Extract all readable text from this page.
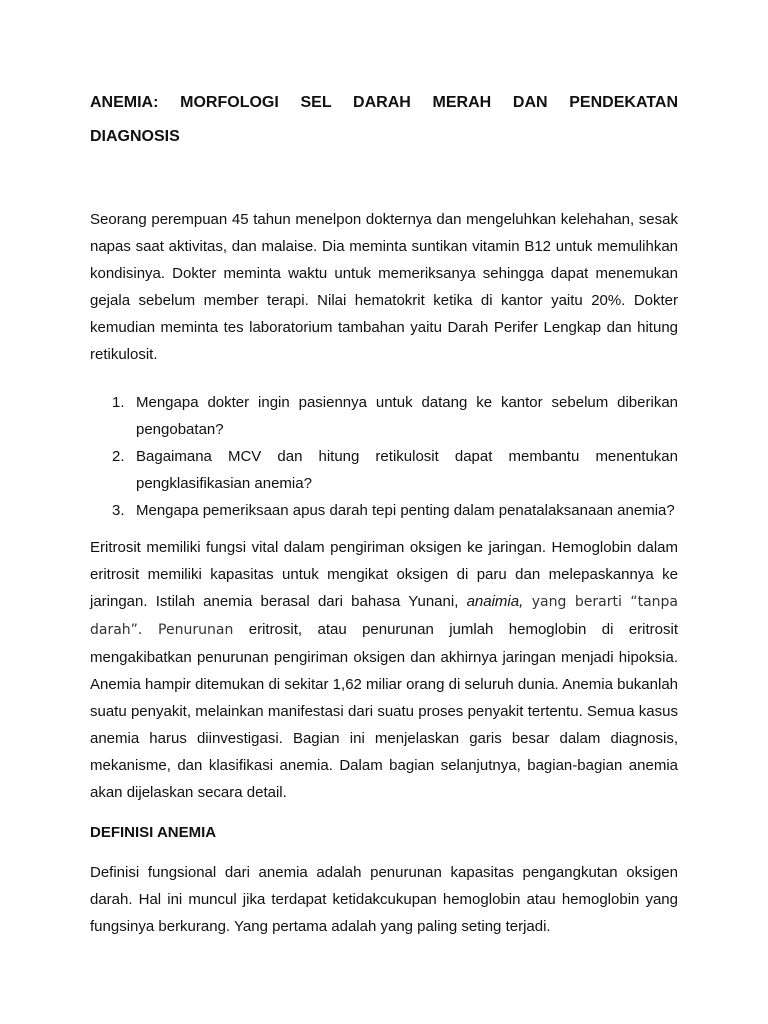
ANEMIA: MORFOLOGI SEL DARAH MERAH DAN PENDEKATAN DIAGNOSIS

Seorang perempuan 45 tahun menelpon dokternya dan mengeluhkan kelehahan, sesak napas saat aktivitas, dan malaise. Dia meminta suntikan vitamin B12 untuk memulihkan kondisinya. Dokter meminta waktu untuk memeriksanya sehingga dapat menemukan gejala sebelum member terapi. Nilai hematokrit ketika di kantor yaitu 20%. Dokter kemudian meminta tes laboratorium tambahan yaitu Darah Perifer Lengkap dan hitung retikulosit.

1. Mengapa dokter ingin pasiennya untuk datang ke kantor sebelum diberikan pengobatan?
2. Bagaimana MCV dan hitung retikulosit dapat membantu menentukan pengklasifikasian anemia?
3. Mengapa pemeriksaan apus darah tepi penting dalam penatalaksanaan anemia?

Eritrosit memiliki fungsi vital dalam pengiriman oksigen ke jaringan. Hemoglobin dalam eritrosit memiliki kapasitas untuk mengikat oksigen di paru dan melepaskannya ke jaringan. Istilah anemia berasal dari bahasa Yunani, anaimia, yang berarti “tanpa darah”. Penurunan eritrosit, atau penurunan jumlah hemoglobin di eritrosit mengakibatkan penurunan pengiriman oksigen dan akhirnya jaringan menjadi hipoksia. Anemia hampir ditemukan di sekitar 1,62 miliar orang di seluruh dunia. Anemia bukanlah suatu penyakit, melainkan manifestasi dari suatu proses penyakit tertentu. Semua kasus anemia harus diinvestigasi. Bagian ini menjelaskan garis besar dalam diagnosis, mekanisme, dan klasifikasi anemia. Dalam bagian selanjutnya, bagian-bagian anemia akan dijelaskan secara detail.

DEFINISI ANEMIA

Definisi fungsional dari anemia adalah penurunan kapasitas pengangkutan oksigen darah. Hal ini muncul jika terdapat ketidakcukupan hemoglobin atau hemoglobin yang fungsinya berkurang. Yang pertama adalah yang paling seting terjadi.
